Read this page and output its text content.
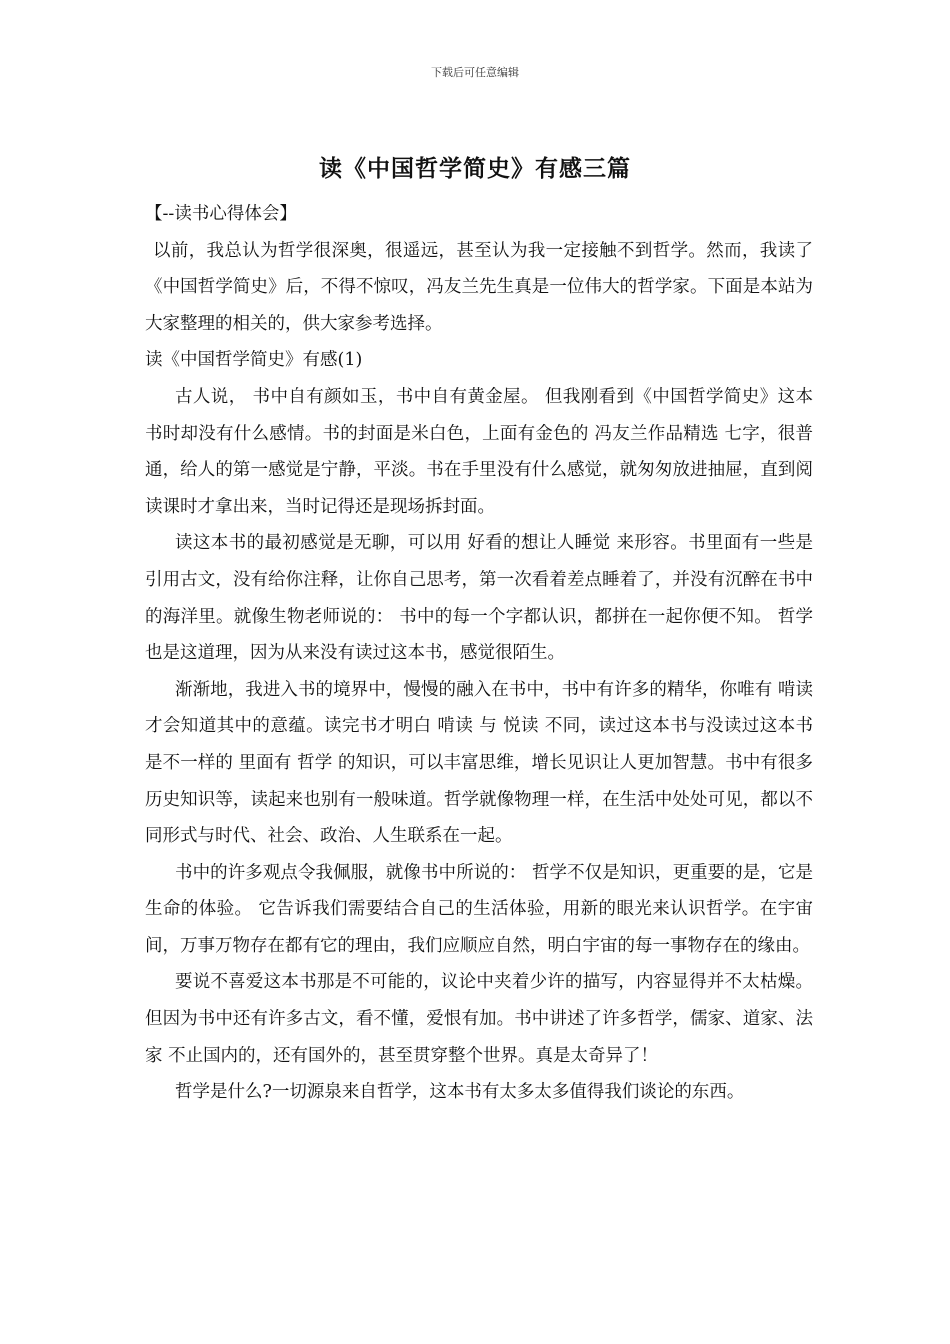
下载后可任意编辑
读《中国哲学简史》有感三篇

【--读书心得体会】

以前，我总认为哲学很深奥，很遥远，甚至认为我一定接触不到哲学。然而，我读了《中国哲学简史》后，不得不惊叹，冯友兰先生真是一位伟大的哲学家。下面是本站为大家整理的相关的，供大家参考选择。

读《中国哲学简史》有感(1)

古人说， 书中自有颜如玉，书中自有黄金屋。 但我刚看到《中国哲学简史》这本书时却没有什么感情。书的封面是米白色，上面有金色的 冯友兰作品精选 七字，很普通，给人的第一感觉是宁静，平淡。书在手里没有什么感觉，就匆匆放进抽屉，直到阅读课时才拿出来，当时记得还是现场拆封面。

读这本书的最初感觉是无聊，可以用 好看的想让人睡觉 来形容。书里面有一些是引用古文，没有给你注释，让你自己思考，第一次看着差点睡着了，并没有沉醉在书中的海洋里。就像生物老师说的： 书中的每一个字都认识，都拼在一起你便不知。 哲学也是这道理，因为从来没有读过这本书，感觉很陌生。

渐渐地，我进入书的境界中，慢慢的融入在书中，书中有许多的精华，你唯有 啃读 才会知道其中的意蕴。读完书才明白 啃读 与 悦读 不同，读过这本书与没读过这本书是不一样的 里面有 哲学 的知识，可以丰富思维，增长见识让人更加智慧。书中有很多历史知识等，读起来也别有一般味道。哲学就像物理一样，在生活中处处可见，都以不同形式与时代、社会、政治、人生联系在一起。

书中的许多观点令我佩服，就像书中所说的： 哲学不仅是知识，更重要的是，它是生命的体验。 它告诉我们需要结合自己的生活体验，用新的眼光来认识哲学。在宇宙间，万事万物存在都有它的理由，我们应顺应自然，明白宇宙的每一事物存在的缘由。

要说不喜爱这本书那是不可能的，议论中夹着少许的描写，内容显得并不太枯燥。但因为书中还有许多古文，看不懂，爱恨有加。书中讲述了许多哲学，儒家、道家、法家 不止国内的，还有国外的，甚至贯穿整个世界。真是太奇异了！

哲学是什么?一切源泉来自哲学，这本书有太多太多值得我们谈论的东西。
